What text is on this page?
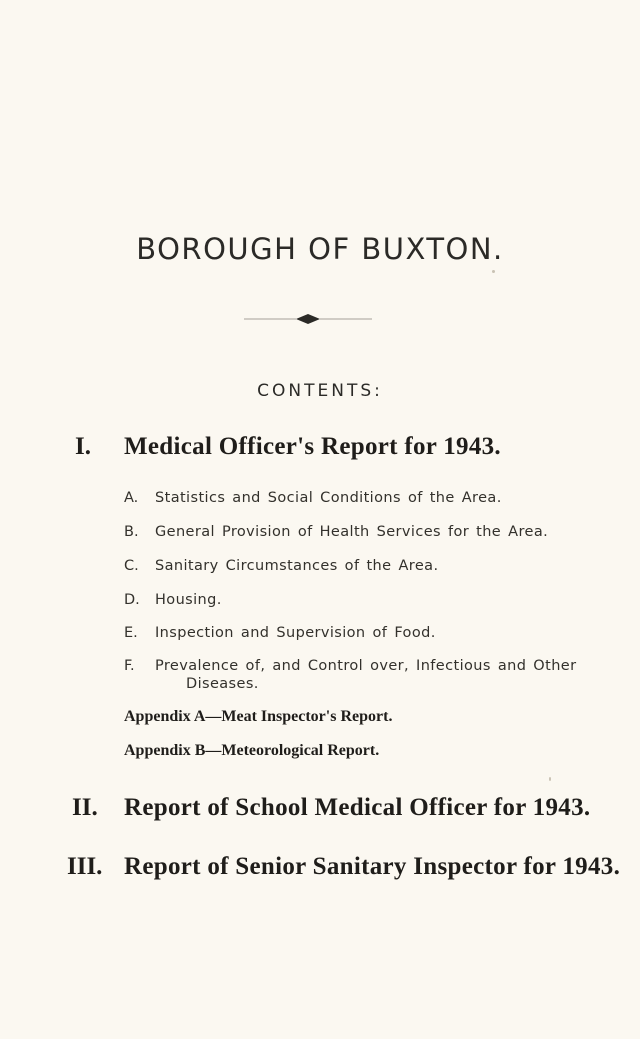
BOROUGH OF BUXTON.
CONTENTS:
I. Medical Officer's Report for 1943.
A. Statistics and Social Conditions of the Area.
B. General Provision of Health Services for the Area.
C. Sanitary Circumstances of the Area.
D. Housing.
E. Inspection and Supervision of Food.
F. Prevalence of, and Control over, Infectious and Other
Diseases.
Appendix A—Meat Inspector's Report.
Appendix B—Meteorological Report.
II. Report of School Medical Officer for 1943.
III. Report of Senior Sanitary Inspector for 1943.
